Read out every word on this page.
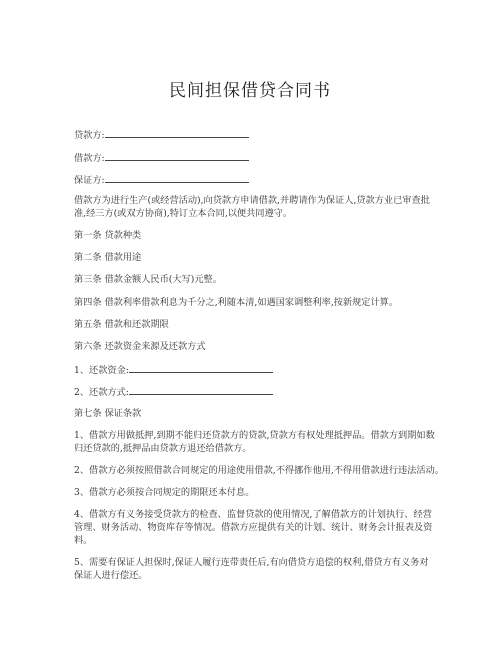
民间担保借贷合同书
贷款方:
借款方:
保证方:
借款方为进行生产(或经营活动),向贷款方申请借款,并聘请作为保证人,贷款方业已审查批
准,经三方(或双方协商),特订立本合同,以便共同遵守。
第一条 贷款种类
第二条 借款用途
第三条 借款金额人民币(大写)元整。
第四条 借款利率借款利息为千分之,利随本清,如遇国家调整利率,按新规定计算。
第五条 借款和还款期限
第六条 还款资金来源及还款方式
1、还款资金:
2、还款方式:
第七条 保证条款
1、借款方用做抵押,到期不能归还贷款方的贷款,贷款方有权处理抵押品。借款方到期如数
归还贷款的,抵押品由贷款方退还给借款方。
2、借款方必须按照借款合同规定的用途使用借款,不得挪作他用,不得用借款进行违法活动。
3、借款方必须按合同规定的期限还本付息。
4、借款方有义务接受贷款方的检查、监督贷款的使用情况,了解借款方的计划执行、经营
管理、财务活动、物资库存等情况。借款方应提供有关的计划、统计、财务会计报表及资
料。
5、需要有保证人担保时,保证人履行连带责任后,有向借贷方追偿的权利,借贷方有义务对
保证人进行偿还。
